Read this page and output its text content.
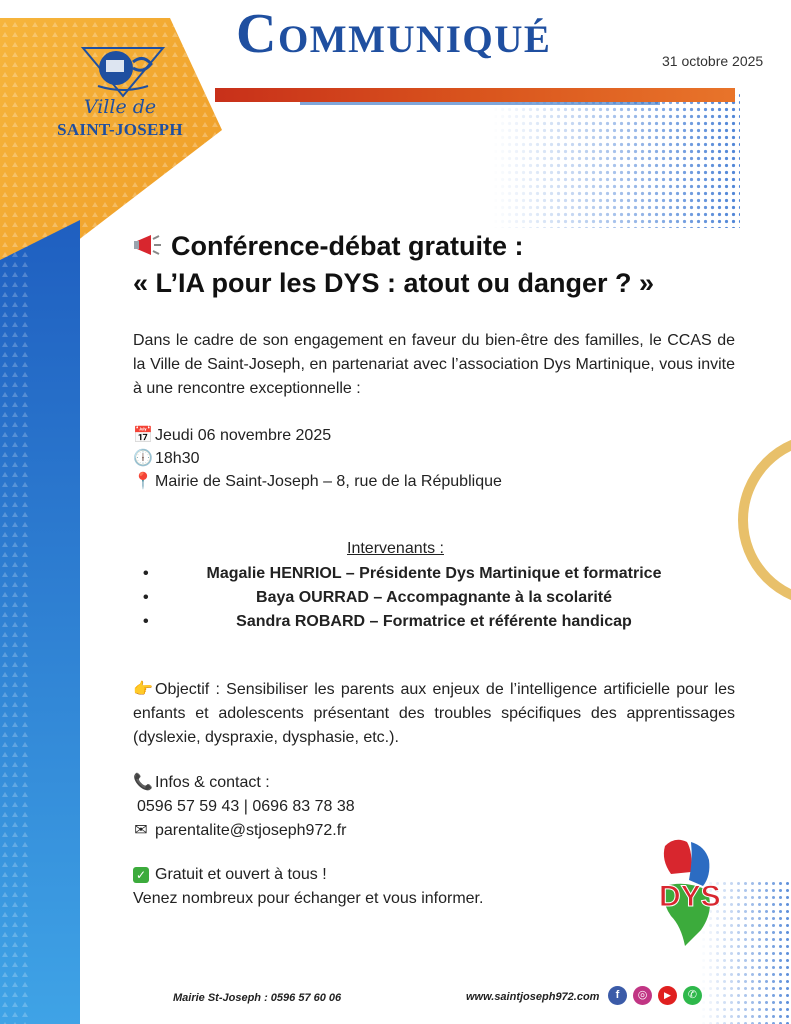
Ville de
SAINT-JOSEPH
Communiqué	31 octobre 2025
Conférence-débat gratuite :
« L’IA pour les DYS : atout ou danger ? »
Dans le cadre de son engagement en faveur du bien-être des familles, le CCAS de la Ville de Saint-Joseph, en partenariat avec l’association Dys Martinique, vous invite à une rencontre exceptionnelle :
📅 Jeudi 06 novembre 2025
🕕 18h30
📍 Mairie de Saint-Joseph – 8, rue de la République
Intervenants :
•	Magalie HENRIOL – Présidente Dys Martinique et formatrice
•	Baya OURRAD – Accompagnante à la scolarité
•	Sandra ROBARD – Formatrice et référente handicap
👉 Objectif : Sensibiliser les parents aux enjeux de l’intelligence artificielle pour les enfants et adolescents présentant des troubles spécifiques des apprentissages (dyslexie, dyspraxie, dysphasie, etc.).
📞 Infos & contact :
0596 57 59 43 | 0696 83 78 38
✉ parentalite@stjoseph972.fr
✓ Gratuit et ouvert à tous !
Venez nombreux pour échanger et vous informer.	DYS
Mairie St-Joseph : 0596 57 60 06	www.saintjoseph972.com	f	◎	▶	✆
